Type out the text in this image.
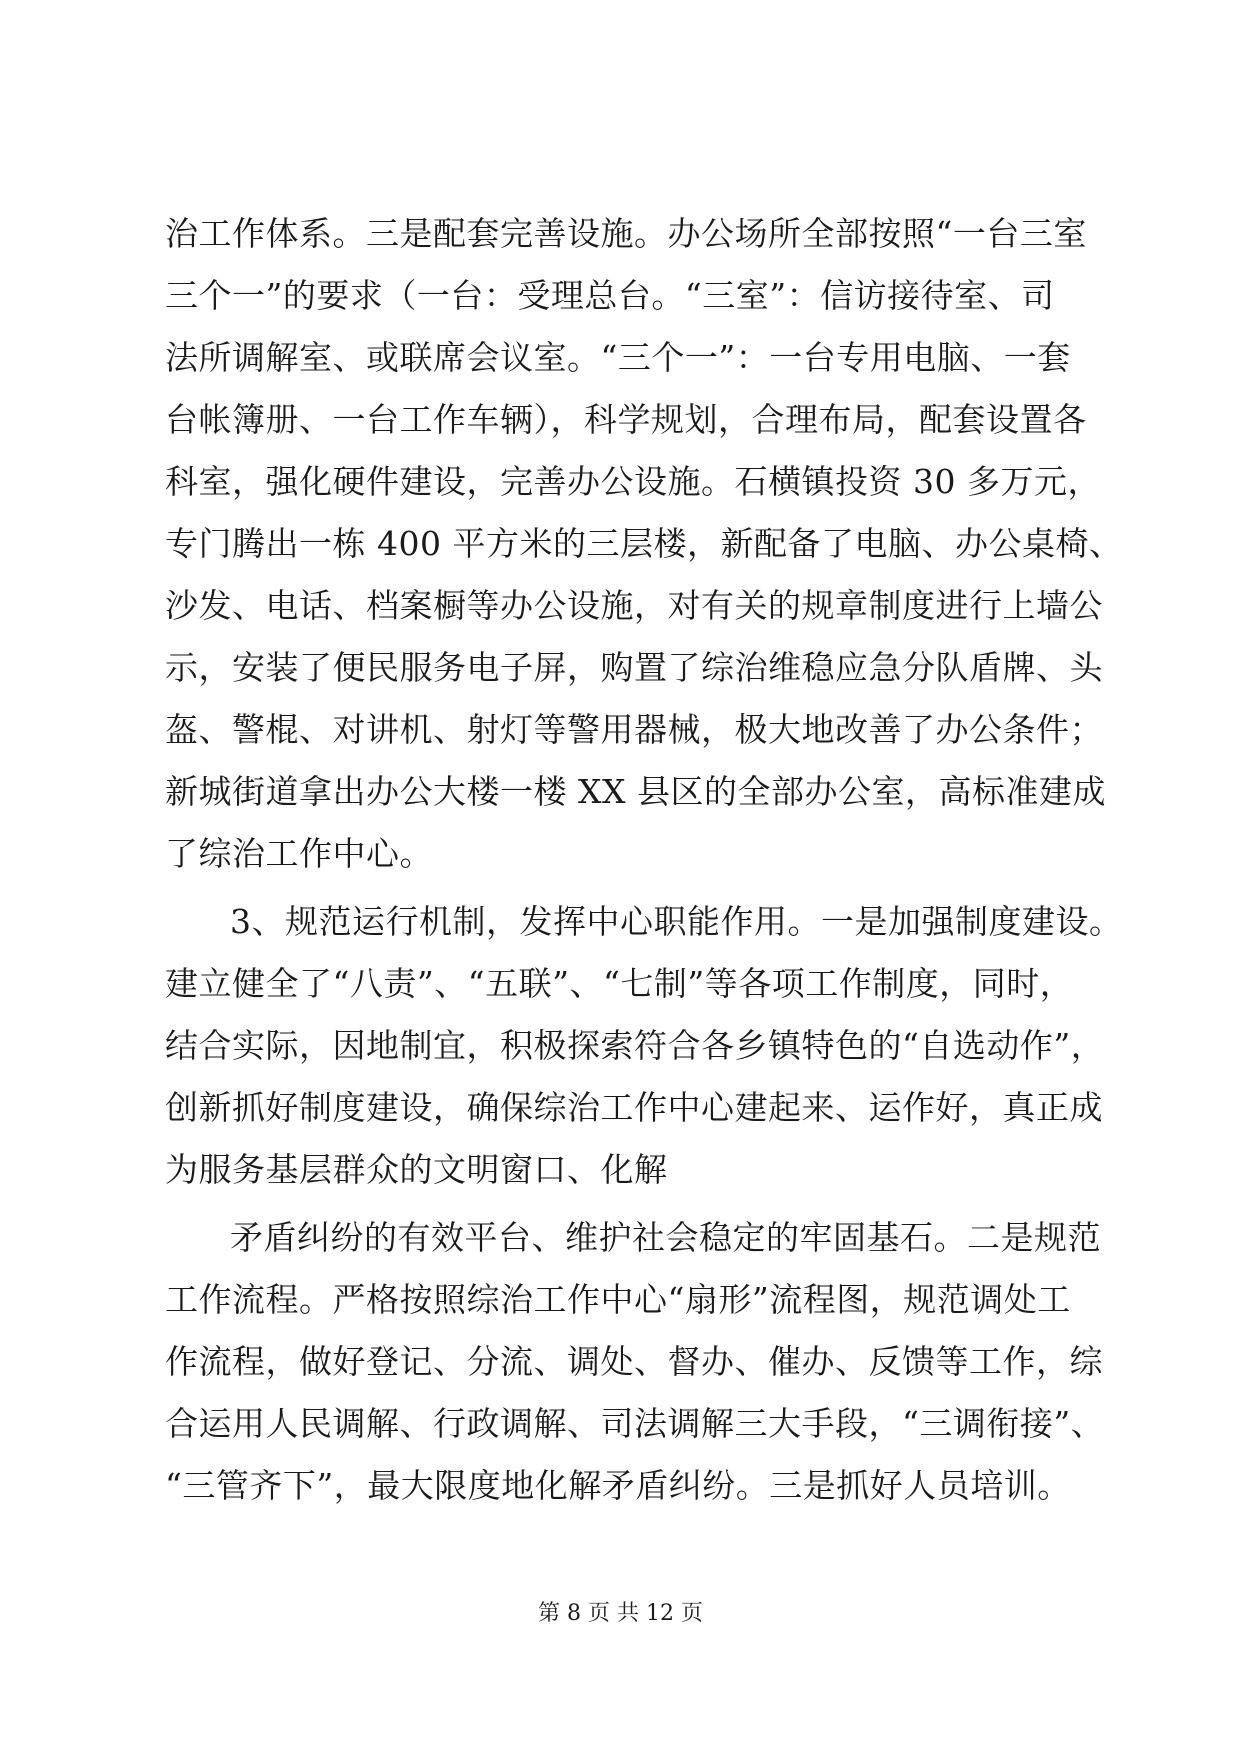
治工作体系。三是配套完善设施。办公场所全部按照“一台三室
三个一”的要求（一台：受理总台。“三室”：信访接待室、司
法所调解室、或联席会议室。“三个一”：一台专用电脑、一套
台帐簿册、一台工作车辆），科学规划，合理布局，配套设置各
科室，强化硬件建设，完善办公设施。石横镇投资 30 多万元，
专门腾出一栋 400 平方米的三层楼，新配备了电脑、办公桌椅、
沙发、电话、档案橱等办公设施，对有关的规章制度进行上墙公
示，安装了便民服务电子屏，购置了综治维稳应急分队盾牌、头
盔、警棍、对讲机、射灯等警用器械，极大地改善了办公条件；
新城街道拿出办公大楼一楼 XX 县区的全部办公室，高标准建成
了综治工作中心。
3、规范运行机制，发挥中心职能作用。一是加强制度建设。
建立健全了“八责”、“五联”、“七制”等各项工作制度，同时，
结合实际，因地制宜，积极探索符合各乡镇特色的“自选动作”，
创新抓好制度建设，确保综治工作中心建起来、运作好，真正成
为服务基层群众的文明窗口、化解
矛盾纠纷的有效平台、维护社会稳定的牢固基石。二是规范
工作流程。严格按照综治工作中心“扇形”流程图，规范调处工
作流程，做好登记、分流、调处、督办、催办、反馈等工作，综
合运用人民调解、行政调解、司法调解三大手段，“三调衔接”、
“三管齐下”，最大限度地化解矛盾纠纷。三是抓好人员培训。
第 8 页 共 12 页
